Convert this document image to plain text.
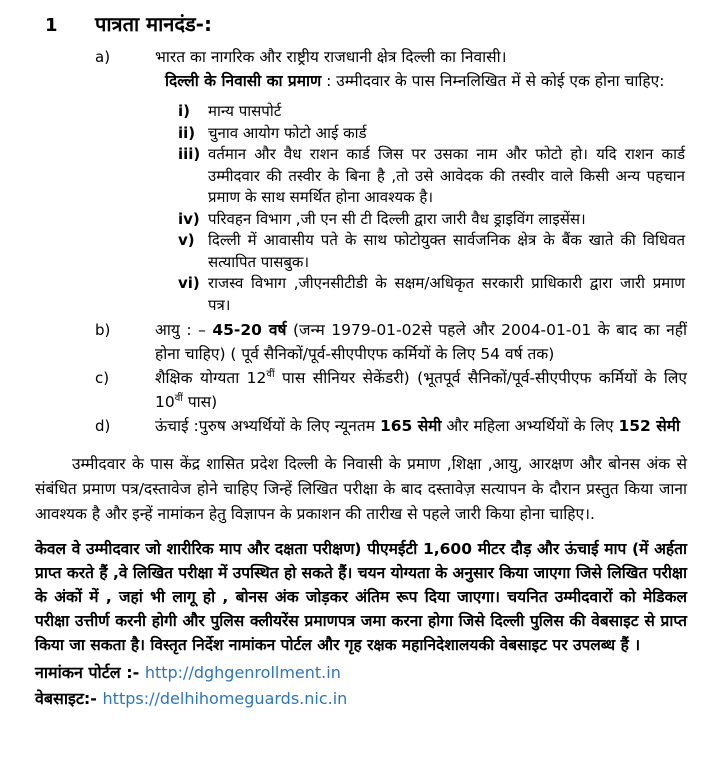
1	पात्रता मानदंड-:
a)	भारत का नागरिक और राष्ट्रीय राजधानी क्षेत्र दिल्ली का निवासी।
दिल्ली के निवासी का प्रमाण : उम्मीदवार के पास निम्नलिखित में से कोई एक होना चाहिए:
i)	मान्य पासपोर्ट
ii) चुनाव आयोग फोटो आई कार्ड
iii) वर्तमान और वैध राशन कार्ड जिस पर उसका नाम और फोटो हो। यदि राशन कार्ड उम्मीदवार की तस्वीर के बिना है ,तो उसे आवेदक की तस्वीर वाले किसी अन्य पहचान प्रमाण के साथ समर्थित होना आवश्यक है।
iv) परिवहन विभाग ,जी एन सी टी दिल्ली द्वारा जारी वैध ड्राइविंग लाइसेंस।
v) दिल्ली में आवासीय पते के साथ फोटोयुक्त सार्वजनिक क्षेत्र के बैंक खाते की विधिवत सत्यापित पासबुक।
vi) राजस्व विभाग ,जीएनसीटीडी के सक्षम/अधिकृत सरकारी प्राधिकारी द्वारा जारी प्रमाण पत्र।
b)	आयु : – 45-20 वर्ष (जन्म 1979-01-02से पहले और 2004-01-01 के बाद का नहीं होना चाहिए) ( पूर्व सैनिकों/पूर्व-सीएपीएफ कर्मियों के लिए 54 वर्ष तक)
c)	शैक्षिक योग्यता $12^{वीं}$ पास सीनियर सेकेंडरी) (भूतपूर्व सैनिकों/पूर्व-सीएपीएफ कर्मियों के लिए $10^{वीं}$ पास)
d)	ऊंचाई :पुरुष अभ्यर्थियों के लिए न्यूनतम 165 सेमी और महिला अभ्यर्थियों के लिए 152 सेमी

उम्मीदवार के पास केंद्र शासित प्रदेश दिल्ली के निवासी के प्रमाण ,शिक्षा ,आयु, आरक्षण और बोनस अंक से संबंधित प्रमाण पत्र/दस्तावेज होने चाहिए जिन्हें लिखित परीक्षा के बाद दस्तावेज़ सत्यापन के दौरान प्रस्तुत किया जाना आवश्यक है और इन्हें नामांकन हेतु विज्ञापन के प्रकाशन की तारीख से पहले जारी किया होना चाहिए।.

केवल वे उम्मीदवार जो शारीरिक माप और दक्षता परीक्षण) पीएमईटी 1,600 मीटर दौड़ और ऊंचाई माप (में अर्हता प्राप्त करते हैं ,वे लिखित परीक्षा में उपस्थित हो सकते हैं। चयन योग्यता के अनुसार किया जाएगा जिसे लिखित परीक्षा के अंकों में , जहां भी लागू हो , बोनस अंक जोड़कर अंतिम रूप दिया जाएगा। चयनित उम्मीदवारों को मेडिकल परीक्षा उत्तीर्ण करनी होगी और पुलिस क्लीयरेंस प्रमाणपत्र जमा करना होगा जिसे दिल्ली पुलिस की वेबसाइट से प्राप्त किया जा सकता है। विस्तृत निर्देश नामांकन पोर्टल और गृह रक्षक महानिदेशालयकी वेबसाइट पर उपलब्ध हैं ।

नामांकन पोर्टल :- http://dghgenrollment.in
वेबसाइट:- https://delhihomeguards.nic.in
